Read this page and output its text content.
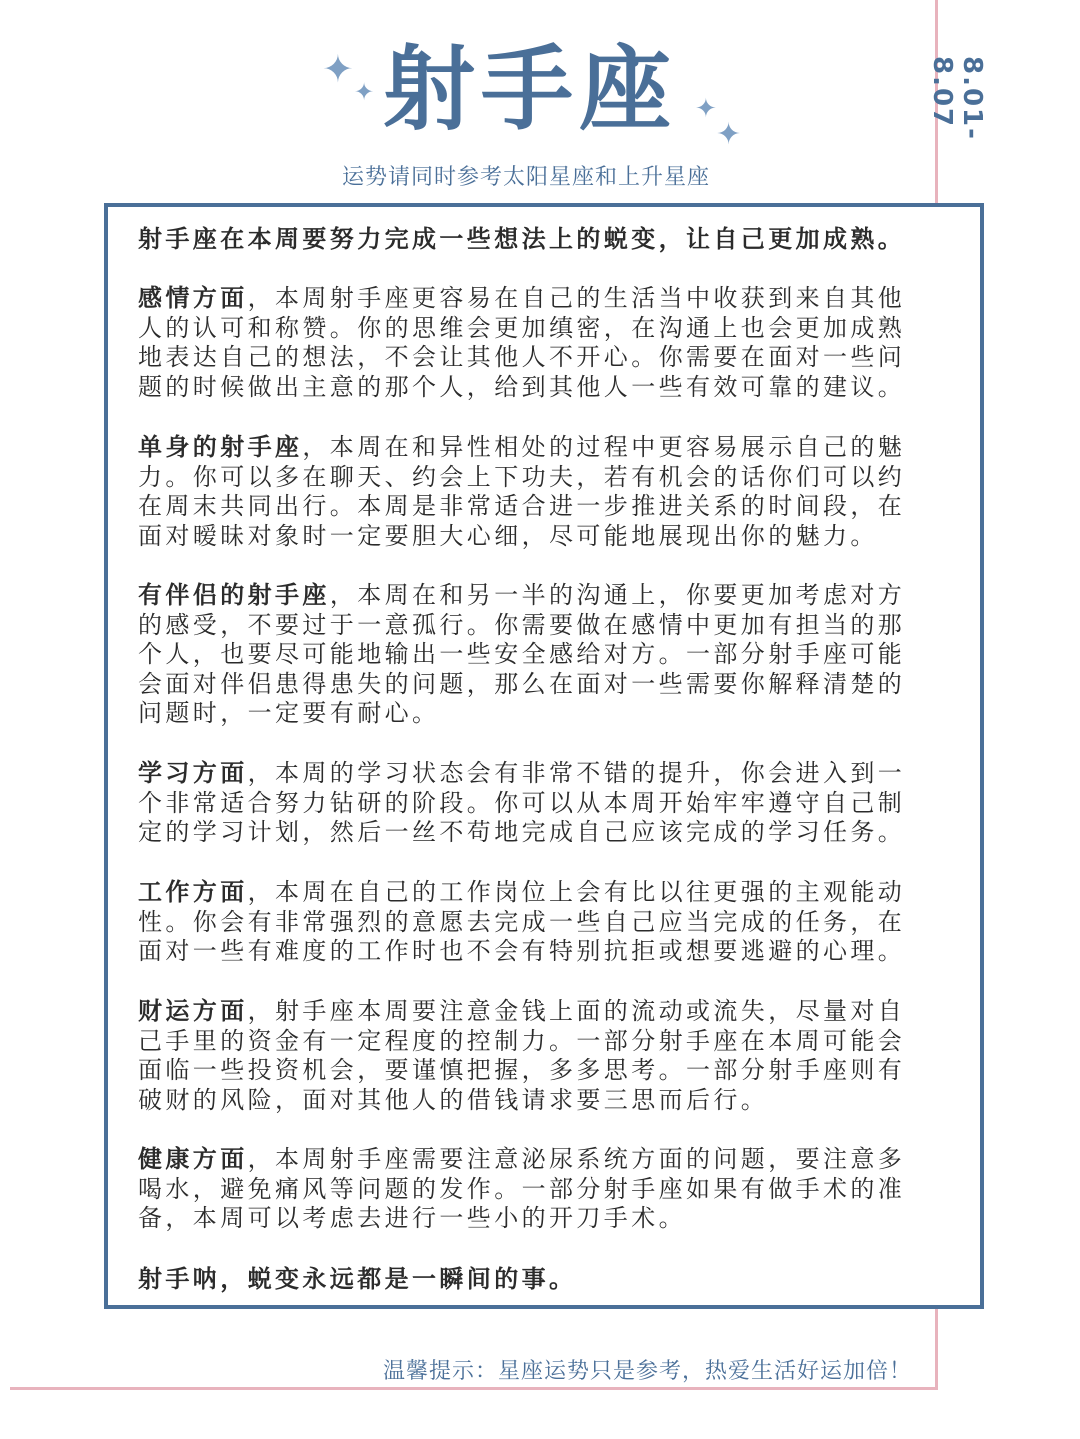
✦
✦
✦
✦
射手座
运势请同时参考太阳星座和上升星座
8.01-8.07

射手座在本周要努力完成一些想法上的蜕变，让自己更加成熟。

感情方面，本周射手座更容易在自己的生活当中收获到来自其他人的认可和称赞。你的思维会更加缜密，在沟通上也会更加成熟地表达自己的想法，不会让其他人不开心。你需要在面对一些问题的时候做出主意的那个人，给到其他人一些有效可靠的建议。

单身的射手座，本周在和异性相处的过程中更容易展示自己的魅力。你可以多在聊天、约会上下功夫，若有机会的话你们可以约在周末共同出行。本周是非常适合进一步推进关系的时间段，在面对暧昧对象时一定要胆大心细，尽可能地展现出你的魅力。

有伴侣的射手座，本周在和另一半的沟通上，你要更加考虑对方的感受，不要过于一意孤行。你需要做在感情中更加有担当的那个人，也要尽可能地输出一些安全感给对方。一部分射手座可能会面对伴侣患得患失的问题，那么在面对一些需要你解释清楚的问题时，一定要有耐心。

学习方面，本周的学习状态会有非常不错的提升，你会进入到一个非常适合努力钻研的阶段。你可以从本周开始牢牢遵守自己制定的学习计划，然后一丝不苟地完成自己应该完成的学习任务。

工作方面，本周在自己的工作岗位上会有比以往更强的主观能动性。你会有非常强烈的意愿去完成一些自己应当完成的任务，在面对一些有难度的工作时也不会有特别抗拒或想要逃避的心理。

财运方面，射手座本周要注意金钱上面的流动或流失，尽量对自己手里的资金有一定程度的控制力。一部分射手座在本周可能会面临一些投资机会，要谨慎把握，多多思考。一部分射手座则有破财的风险，面对其他人的借钱请求要三思而后行。

健康方面，本周射手座需要注意泌尿系统方面的问题，要注意多喝水，避免痛风等问题的发作。一部分射手座如果有做手术的准备，本周可以考虑去进行一些小的开刀手术。

射手呐，蜕变永远都是一瞬间的事。

温馨提示：星座运势只是参考，热爱生活好运加倍！
